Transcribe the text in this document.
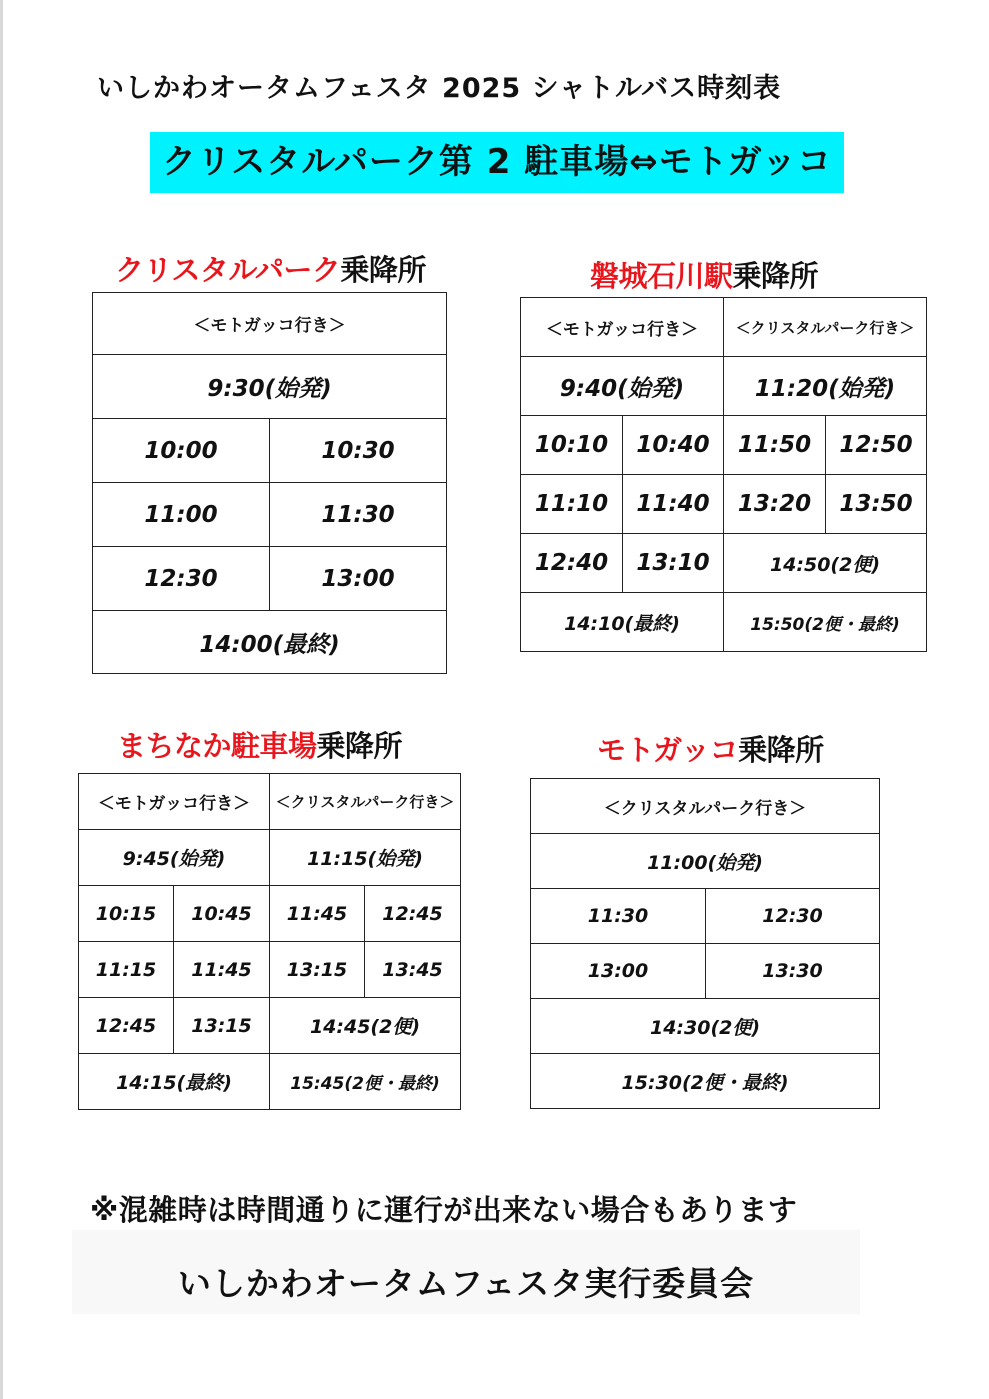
いしかわオータムフェスタ 2025 シャトルバス時刻表
クリスタルパーク第 2 駐車場⇔モトガッコ
クリスタルパーク乗降所
＜モトガッコ行き＞	
9:30(始発)	
10:00	10:30
11:00	11:30
12:30	13:00
14:00(最終)	
磐城石川駅乗降所
＜モトガッコ行き＞		＜クリスタルパーク行き＞	
9:40(始発)		11:20(始発)	
10:10	10:40	11:50	12:50
11:10	11:40	13:20	13:50
12:40	13:10	14:50(2便)	
14:10(最終)		15:50(2便・最終)	
まちなか駐車場乗降所
＜モトガッコ行き＞		＜クリスタルパーク行き＞	
9:45(始発)		11:15(始発)	
10:15	10:45	11:45	12:45
11:15	11:45	13:15	13:45
12:45	13:15	14:45(2便)	
14:15(最終)		15:45(2便・最終)	
モトガッコ乗降所
＜クリスタルパーク行き＞	
11:00(始発)	
11:30	12:30
13:00	13:30
14:30(2便)	
15:30(2便・最終)	
※混雑時は時間通りに運行が出来ない場合もあります
いしかわオータムフェスタ実行委員会
